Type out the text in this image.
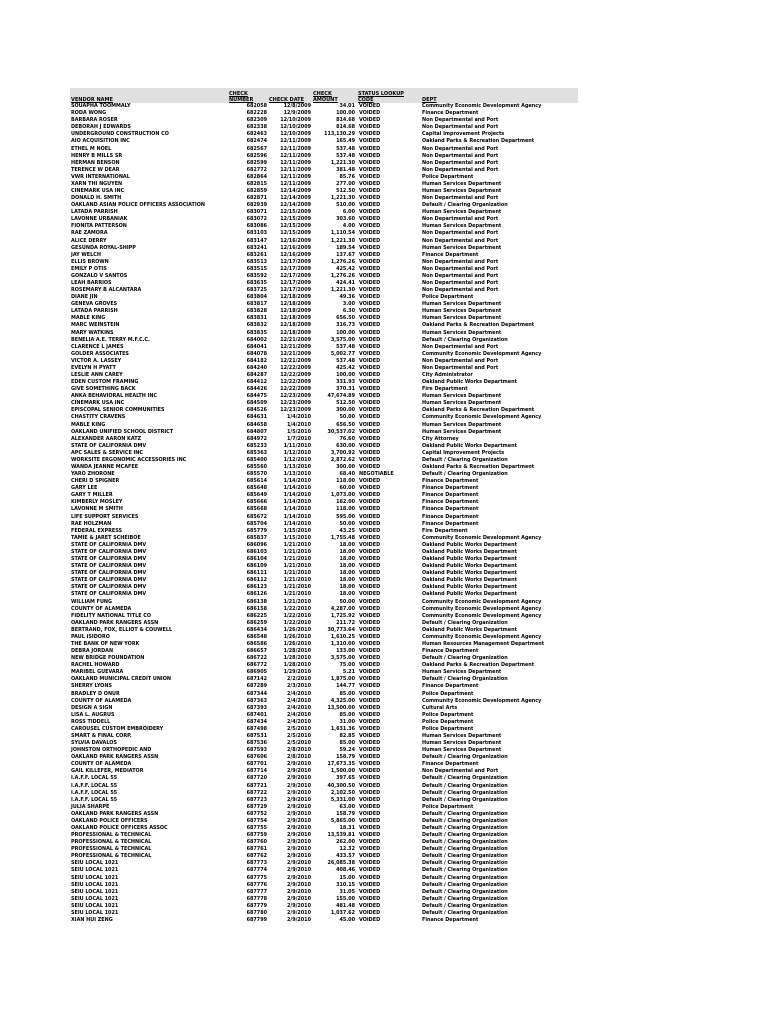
VENDOR NAME	CHECK NUMBER	CHECK DATE	CHECK AMOUNT	STATUS LOOKUP CODE	DEPT
SOUAPHA TOOMMALY	682058	12/8/2009	34.01	VOIDED	Community Economic Development Agency
RODA WONG	682228	12/9/2009	100.00	VOIDED	Finance Department
BARBARA ROSER	682309	12/10/2009	814.68	VOIDED	Non Departmental and Port
DEBORAH J EDWARDS	682338	12/10/2009	814.68	VOIDED	Non Departmental and Port
UNDERGROUND CONSTRUCTION CO	682463	12/10/2009	113,130.29	VOIDED	Capital Improvement Projects
AIO ACQUISITION INC	682474	12/11/2009	165.49	VOIDED	Oakland Parks & Recreation Department
ETHEL M NOEL	682567	12/11/2009	537.48	VOIDED	Non Departmental and Port
HENRY B MILLS SR	682596	12/11/2009	537.48	VOIDED	Non Departmental and Port
HERMAN BENSON	682599	12/11/2009	1,221.30	VOIDED	Non Departmental and Port
TERENCE W DEAR	682772	12/11/2009	381.48	VOIDED	Non Departmental and Port
VWR INTERNATIONAL	682864	12/11/2009	85.76	VOIDED	Police Department
XARN THI NGUYEN	682815	12/11/2009	277.00	VOIDED	Human Services Department
CINEMARK USA INC	682859	12/14/2009	512.50	VOIDED	Human Services Department
DONALD H. SMITH	682871	12/14/2009	1,221.30	VOIDED	Non Departmental and Port
OAKLAND ASIAN POLICE OFFICERS ASSOCIATION	682939	12/14/2009	510.00	VOIDED	Default / Clearing Organization
LATADA PARRISH	683071	12/15/2009	6.00	VOIDED	Human Services Department
LAVONNE URBANIAK	683072	12/15/2009	303.60	VOIDED	Non Departmental and Port
FIONITA PATTERSON	683086	12/15/2009	4.00	VOIDED	Human Services Department
RAE ZAMORA	683103	12/15/2009	1,110.54	VOIDED	Non Departmental and Port
ALICE DERRY	683147	12/16/2009	1,221.30	VOIDED	Non Departmental and Port
GESUNDA ROYAL-SHIPP	683241	12/16/2009	189.54	VOIDED	Human Services Department
JAY WELCH	683261	12/16/2009	137.67	VOIDED	Finance Department
ELLIS BROWN	683513	12/17/2009	1,276.26	VOIDED	Non Departmental and Port
EMILY P OTIS	683515	12/17/2009	425.42	VOIDED	Non Departmental and Port
GONZALO V SANTOS	683592	12/17/2009	1,276.26	VOIDED	Non Departmental and Port
LEAH BARRIOS	683635	12/17/2009	424.41	VOIDED	Non Departmental and Port
ROSEMARY B ALCANTARA	683725	12/17/2009	1,221.30	VOIDED	Non Departmental and Port
DIANE JIN	683804	12/18/2009	49.36	VOIDED	Police Department
GENEVA GROVES	683817	12/18/2009	3.00	VOIDED	Human Services Department
LATADA PARRISH	683828	12/18/2009	6.30	VOIDED	Human Services Department
MABLE KING	683831	12/18/2009	656.50	VOIDED	Human Services Department
MARC WEINSTEIN	683832	12/18/2009	316.73	VOIDED	Oakland Parks & Recreation Department
MARY WATKINS	683835	12/18/2009	100.00	VOIDED	Human Services Department
BENELIA A.E. TERRY M.F.C.C.	684002	12/21/2009	3,575.00	VOIDED	Default / Clearing Organization
CLARENCE L JAMES	684041	12/21/2009	537.48	VOIDED	Non Departmental and Port
GOLDER ASSOCIATES	684078	12/21/2009	5,002.77	VOIDED	Community Economic Development Agency
VICTOR A. LASSEY	684182	12/21/2009	537.48	VOIDED	Non Departmental and Port
EVELYN H PYATT	684240	12/22/2009	425.42	VOIDED	Non Departmental and Port
LESLIE ANN CAREY	684287	12/22/2009	100.00	VOIDED	City Administrator
EDEN CUSTOM FRAMING	684412	12/22/2009	331.93	VOIDED	Oakland Public Works Department
GIVE SOMETHING BACK	684426	12/22/2009	370.31	VOIDED	Fire Department
ANKA BEHAVIORAL HEALTH INC	684475	12/23/2009	47,674.89	VOIDED	Human Services Department
CINEMARK USA INC	684509	12/23/2009	512.50	VOIDED	Human Services Department
EPISCOPAL SENIOR COMMUNITIES	684526	12/23/2009	300.00	VOIDED	Oakland Parks & Recreation Department
CHASTITY CRAVENS	684631	1/4/2010	50.00	VOIDED	Community Economic Development Agency
MABLE KING	684658	1/4/2010	656.50	VOIDED	Human Services Department
OAKLAND UNIFIED SCHOOL DISTRICT	684807	1/5/2010	30,537.02	VOIDED	Human Services Department
ALEXANDER AARON KATZ	684972	1/7/2010	76.60	VOIDED	City Attorney
STATE OF CALIFORNIA DMV	685233	1/11/2010	630.00	VOIDED	Oakland Public Works Department
APC SALES & SERVICE INC	685363	1/12/2010	3,700.92	VOIDED	Capital Improvement Projects
WORKSITE ERGONOMIC ACCESSORIES INC	685400	1/12/2010	2,872.62	VOIDED	Default / Clearing Organization
WANDA JEANNE MCAFEE	685560	1/13/2010	300.00	VOIDED	Oakland Parks & Recreation Department
YARO ZHORONE	685570	1/13/2010	68.40	NEGOTIABLE	Default / Clearing Organization
CHERI D SPIGNER	685614	1/14/2010	118.00	VOIDED	Finance Department
GARY LEE	685648	1/14/2010	60.00	VOIDED	Finance Department
GARY T MILLER	685649	1/14/2010	1,073.00	VOIDED	Finance Department
KIMBERLY MOSLEY	685666	1/14/2010	162.00	VOIDED	Finance Department
LAVONNE M SMITH	685668	1/14/2010	118.00	VOIDED	Finance Department
LIFE SUPPORT SERVICES	685672	1/14/2010	595.00	VOIDED	Finance Department
RAE HOLZMAN	685704	1/14/2010	50.00	VOIDED	Finance Department
FEDERAL EXPRESS	685779	1/15/2010	43.25	VOIDED	Fire Department
TAMIE & JARET SCHEIBOE	685837	1/15/2010	1,755.48	VOIDED	Community Economic Development Agency
STATE OF CALIFORNIA DMV	686096	1/21/2010	18.00	VOIDED	Oakland Public Works Department
STATE OF CALIFORNIA DMV	686103	1/21/2010	18.00	VOIDED	Oakland Public Works Department
STATE OF CALIFORNIA DMV	686104	1/21/2010	18.00	VOIDED	Oakland Public Works Department
STATE OF CALIFORNIA DMV	686109	1/21/2010	18.00	VOIDED	Oakland Public Works Department
STATE OF CALIFORNIA DMV	686111	1/21/2010	18.00	VOIDED	Oakland Public Works Department
STATE OF CALIFORNIA DMV	686112	1/21/2010	18.00	VOIDED	Oakland Public Works Department
STATE OF CALIFORNIA DMV	686123	1/21/2010	18.00	VOIDED	Oakland Public Works Department
STATE OF CALIFORNIA DMV	686126	1/21/2010	18.00	VOIDED	Oakland Public Works Department
WILLIAM FUNG	686138	1/21/2010	50.00	VOIDED	Community Economic Development Agency
COUNTY OF ALAMEDA	686158	1/22/2010	4,287.00	VOIDED	Community Economic Development Agency
FIDELITY NATIONAL TITLE CO	686225	1/22/2010	1,725.92	VOIDED	Community Economic Development Agency
OAKLAND PARK RANGERS ASSN	686259	1/22/2010	211.72	VOIDED	Default / Clearing Organization
BERTRAND, FOX, ELLIOT & COUWELL	686434	1/26/2010	30,773.64	VOIDED	Oakland Public Works Department
PAUL ISIDORO	686548	1/26/2010	1,610.25	VOIDED	Community Economic Development Agency
THE BANK OF NEW YORK	686586	1/26/2010	1,310.00	VOIDED	Human Resources Management Department
DEBRA JORDAN	686657	1/28/2010	133.00	VOIDED	Finance Department
NEW BRIDGE FOUNDATION	686722	1/28/2010	3,575.00	VOIDED	Default / Clearing Organization
RACHEL HOWARD	686772	1/28/2010	75.00	VOIDED	Oakland Parks & Recreation Department
MARIBEL GUEVARA	686905	1/29/2010	5.21	VOIDED	Human Services Department
OAKLAND MUNICIPAL CREDIT UNION	687142	2/2/2010	1,875.00	VOIDED	Default / Clearing Organization
SHERRY LYONS	687289	2/3/2010	144.77	VOIDED	Finance Department
BRADLEY D ONUR	687344	2/4/2010	85.00	VOIDED	Police Department
COUNTY OF ALAMEDA	687363	2/4/2010	4,325.00	VOIDED	Community Economic Development Agency
DESIGN A SIGN	687393	2/4/2010	13,500.00	VOIDED	Cultural Arts
LISA L. AUGRUS	687401	2/4/2010	85.00	VOIDED	Police Department
ROSS TIDDELL	687434	2/4/2010	31.00	VOIDED	Police Department
CAROUSEL CUSTOM EMBROIDERY	687498	2/5/2010	1,631.36	VOIDED	Police Department
SMART & FINAL CORP.	687531	2/5/2010	82.85	VOIDED	Human Services Department
SYLVIA DAVALOS	687536	2/5/2010	85.00	VOIDED	Human Services Department
JOHNSTON ORTHOPEDIC AND	687593	2/8/2010	59.24	VOIDED	Human Services Department
OAKLAND PARK RANGERS ASSN	687606	2/8/2010	158.79	VOIDED	Default / Clearing Organization
COUNTY OF ALAMEDA	687701	2/9/2010	17,673.35	VOIDED	Finance Department
GAIL KILLEFER, MEDIATOR	687714	2/9/2010	1,500.00	VOIDED	Non Departmental and Port
I.A.F.F. LOCAL 55	687720	2/9/2010	397.65	VOIDED	Default / Clearing Organization
I.A.F.F. LOCAL 55	687721	2/9/2010	40,300.50	VOIDED	Default / Clearing Organization
I.A.F.F. LOCAL 55	687722	2/9/2010	2,102.50	VOIDED	Default / Clearing Organization
I.A.F.F. LOCAL 55	687723	2/9/2010	5,331.00	VOIDED	Default / Clearing Organization
JULIA SHARPE	687729	2/9/2010	63.00	VOIDED	Police Department
OAKLAND PARK RANGERS ASSN	687752	2/9/2010	158.79	VOIDED	Default / Clearing Organization
OAKLAND POLICE OFFICERS	687754	2/9/2010	5,865.00	VOIDED	Default / Clearing Organization
OAKLAND POLICE OFFICERS ASSOC	687755	2/9/2010	18.31	VOIDED	Default / Clearing Organization
PROFESSIONAL & TECHNICAL	687759	2/9/2010	13,539.81	VOIDED	Default / Clearing Organization
PROFESSIONAL & TECHNICAL	687760	2/9/2010	262.00	VOIDED	Default / Clearing Organization
PROFESSIONAL & TECHNICAL	687761	2/9/2010	12.32	VOIDED	Default / Clearing Organization
PROFESSIONAL & TECHNICAL	687762	2/9/2010	433.57	VOIDED	Default / Clearing Organization
SEIU LOCAL 1021	687773	2/9/2010	26,085.38	VOIDED	Default / Clearing Organization
SEIU LOCAL 1021	687774	2/9/2010	408.46	VOIDED	Default / Clearing Organization
SEIU LOCAL 1021	687775	2/9/2010	15.00	VOIDED	Default / Clearing Organization
SEIU LOCAL 1021	687776	2/9/2010	310.15	VOIDED	Default / Clearing Organization
SEIU LOCAL 1021	687777	2/9/2010	31.05	VOIDED	Default / Clearing Organization
SEIU LOCAL 1021	687778	2/9/2010	155.00	VOIDED	Default / Clearing Organization
SEIU LOCAL 1021	687779	2/9/2010	481.48	VOIDED	Default / Clearing Organization
SEIU LOCAL 1021	687780	2/9/2010	1,037.62	VOIDED	Default / Clearing Organization
XIAN HUI ZENG	687799	2/9/2010	45.00	VOIDED	Finance Department
